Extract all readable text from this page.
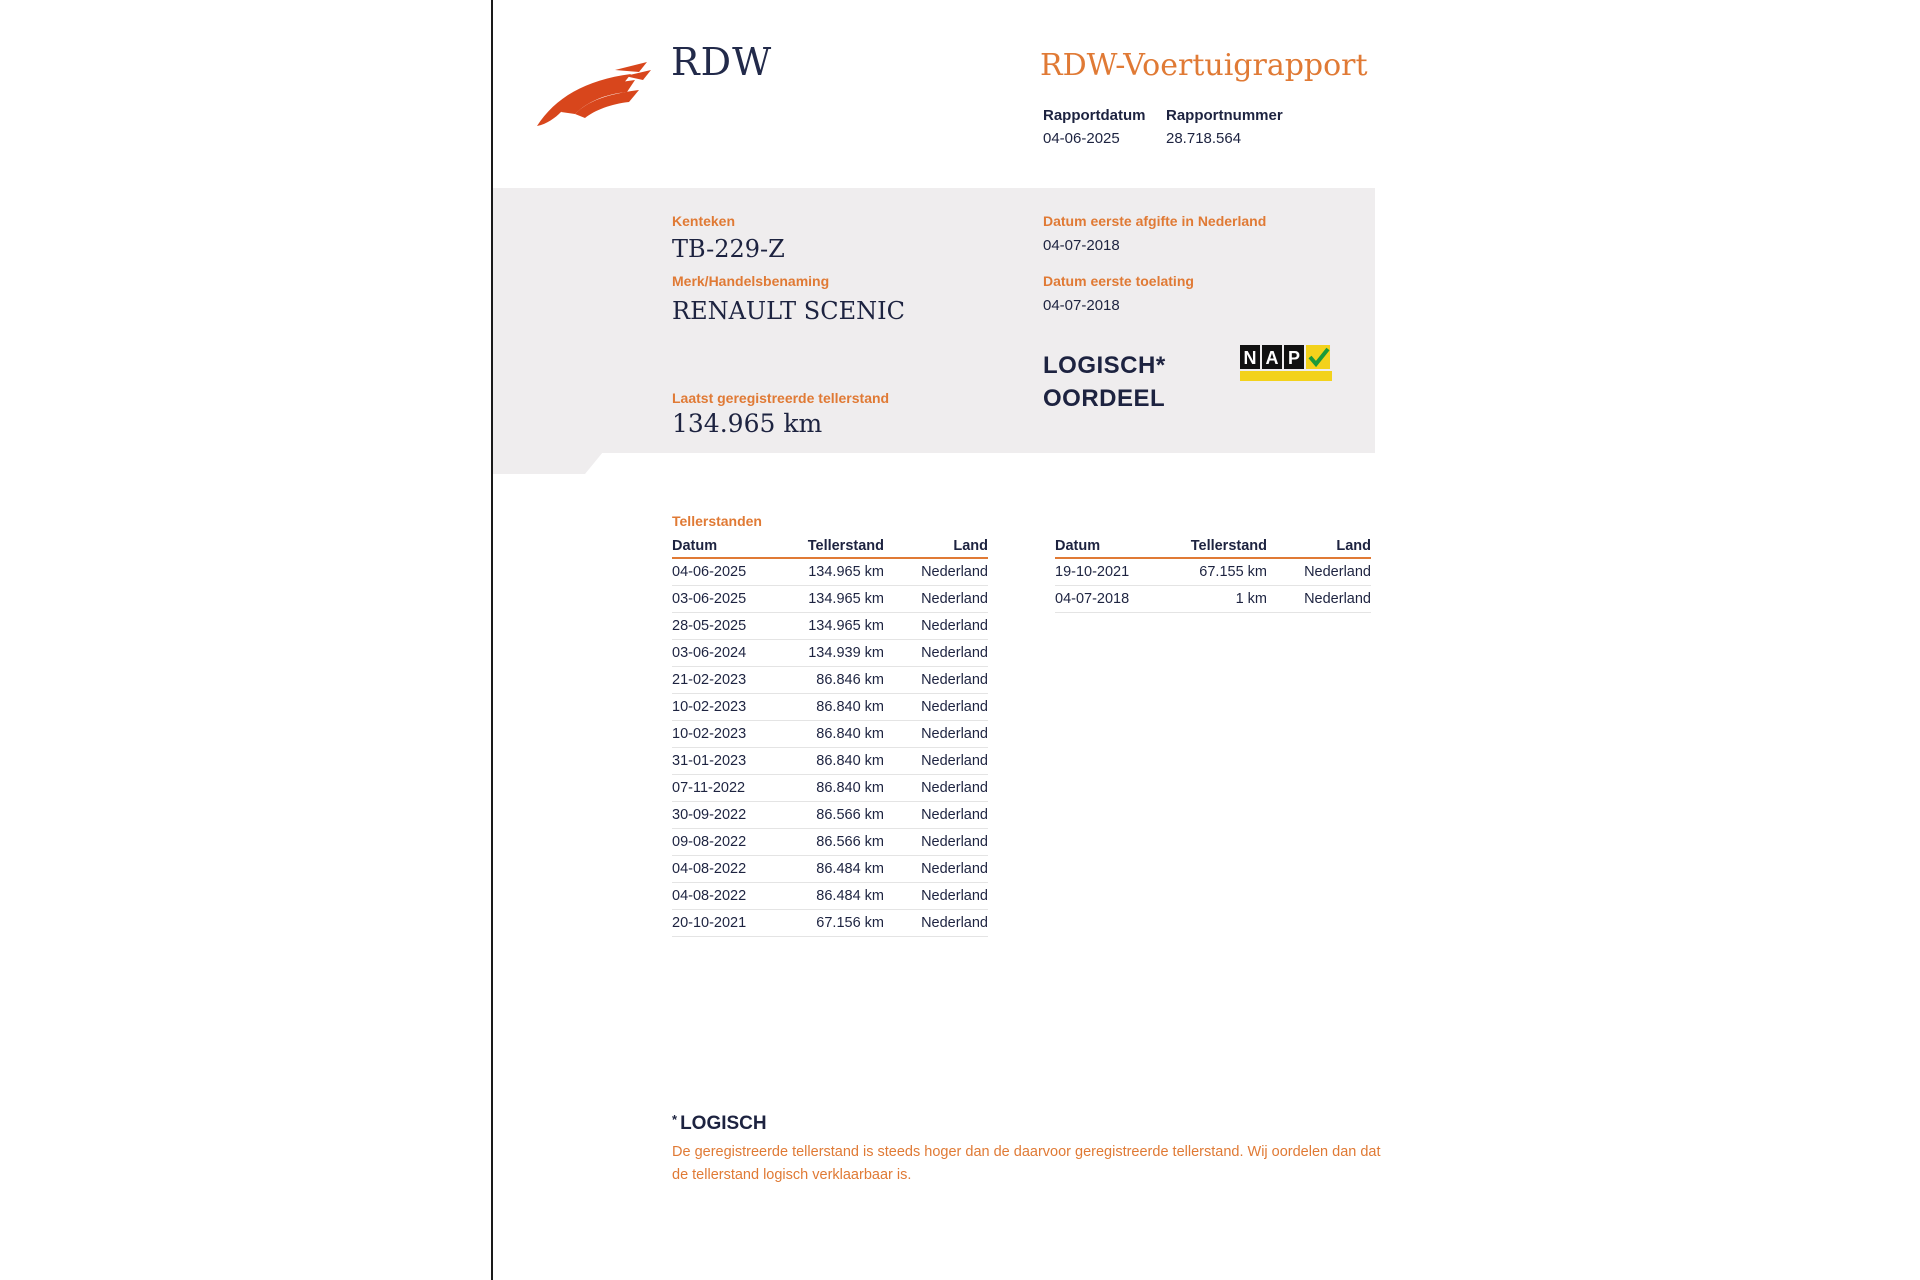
RDW	RDW-Voertuigrapport
Rapportdatum
04-06-2025
Rapportnummer
28.718.564
Kenteken
TB-229-Z
Merk/Handelsbenaming
RENAULT SCENIC
Laatst geregistreerde tellerstand
134.965 km
Datum eerste afgifte in Nederland
04-07-2018
Datum eerste toelating
04-07-2018
LOGISCH*
OORDEEL
N A P
Tellerstanden
Datum	Tellerstand	Land
04-06-2025	134.965 km	Nederland
03-06-2025	134.965 km	Nederland
28-05-2025	134.965 km	Nederland
03-06-2024	134.939 km	Nederland
21-02-2023	86.846 km	Nederland
10-02-2023	86.840 km	Nederland
10-02-2023	86.840 km	Nederland
31-01-2023	86.840 km	Nederland
07-11-2022	86.840 km	Nederland
30-09-2022	86.566 km	Nederland
09-08-2022	86.566 km	Nederland
04-08-2022	86.484 km	Nederland
04-08-2022	86.484 km	Nederland
20-10-2021	67.156 km	Nederland
Datum	Tellerstand	Land
19-10-2021	67.155 km	Nederland
04-07-2018	1 km	Nederland
* LOGISCH
De geregistreerde tellerstand is steeds hoger dan de daarvoor geregistreerde tellerstand. Wij oordelen dan dat de tellerstand logisch verklaarbaar is.
